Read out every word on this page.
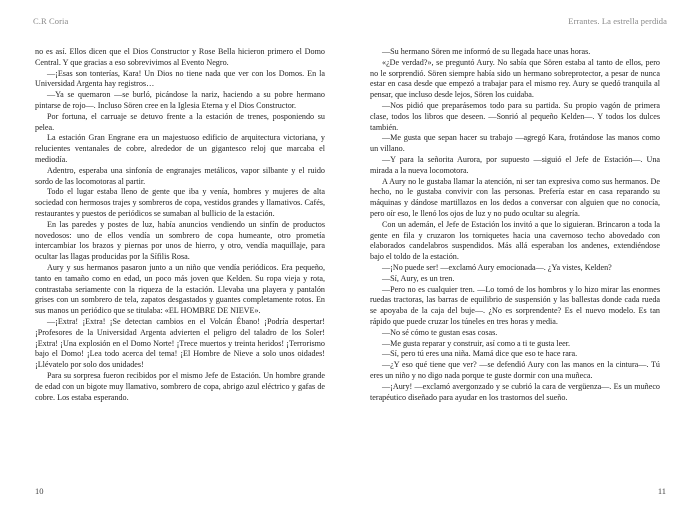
C.R Coria

no es así. Ellos dicen que el Dios Constructor y Rose Bella hicieron primero el Domo Central. Y que gracias a eso sobrevivimos al Evento Negro.

—¡Esas son tonterías, Kara! Un Dios no tiene nada que ver con los Domos. En la Universidad Argenta hay registros…

—Ya se quemaron —se burló, picándose la nariz, haciendo a su pobre hermano pintarse de rojo—. Incluso Sören cree en la Iglesia Eterna y el Dios Constructor.

Por fortuna, el carruaje se detuvo frente a la estación de trenes, posponiendo su pelea.

La estación Gran Engrane era un majestuoso edificio de arquitectura victoriana, y relucientes ventanales de cobre, alrededor de un gigantesco reloj que marcaba el mediodía.

Adentro, esperaba una sinfonía de engranajes metálicos, vapor silbante y el ruido sordo de las locomotoras al partir.

Todo el lugar estaba lleno de gente que iba y venía, hombres y mujeres de alta sociedad con hermosos trajes y sombreros de copa, vestidos grandes y llamativos. Cafés, restaurantes y puestos de periódicos se sumaban al bullicio de la estación.

En las paredes y postes de luz, había anuncios vendiendo un sinfín de productos novedosos: uno de ellos vendía un sombrero de copa humeante, otro prometía intercambiar los brazos y piernas por unos de hierro, y otro, vendía maquillaje, para ocultar las llagas producidas por la Sífilis Rosa.

Aury y sus hermanos pasaron junto a un niño que vendía periódicos. Era pequeño, tanto en tamaño como en edad, un poco más joven que Kelden. Su ropa vieja y rota, contrastaba seriamente con la riqueza de la estación. Llevaba una playera y pantalón grises con un sombrero de tela, zapatos desgastados y guantes completamente rotos. En sus manos un periódico que se titulaba: «EL HOMBRE DE NIEVE».

—¡Extra! ¡Extra! ¡Se detectan cambios en el Volcán Ébano! ¡Podría despertar! ¡Profesores de la Universidad Argenta advierten el peligro del taladro de los Soler! ¡Extra! ¡Una explosión en el Domo Norte! ¡Trece muertos y treinta heridos! ¡Terrorismo bajo el Domo! ¡Lea todo acerca del tema! ¡El Hombre de Nieve a solo unos oidades! ¡Llévatelo por solo dos unidades!

Para su sorpresa fueron recibidos por el mismo Jefe de Estación. Un hombre grande de edad con un bigote muy llamativo, sombrero de copa, abrigo azul eléctrico y gafas de cobre. Los estaba esperando.

10
Errantes. La estrella perdida

—Su hermano Sören me informó de su llegada hace unas horas.

«¿De verdad?», se preguntó Aury. No sabía que Sören estaba al tanto de ellos, pero no le sorprendió. Sören siempre había sido un hermano sobreprotector, a pesar de nunca estar en casa desde que empezó a trabajar para el mismo rey. Aury se quedó tranquila al pensar, que incluso desde lejos, Sören los cuidaba.

—Nos pidió que preparásemos todo para su partida. Su propio vagón de primera clase, todos los libros que deseen. —Sonrió al pequeño Kelden—. Y todos los dulces también.

—Me gusta que sepan hacer su trabajo —agregó Kara, frotándose las manos como un villano.

—Y para la señorita Aurora, por supuesto —siguió el Jefe de Estación—. Una mirada a la nueva locomotora.

A Aury no le gustaba llamar la atención, ni ser tan expresiva como sus hermanos. De hecho, no le gustaba convivir con las personas. Prefería estar en casa reparando su máquinas y dándose martillazos en los dedos a conversar con alguien que no conocía, pero oír eso, le llenó los ojos de luz y no pudo ocultar su alegría.

Con un ademán, el Jefe de Estación los invitó a que lo siguieran. Brincaron a toda la gente en fila y cruzaron los torniquetes hacia una cavernoso techo abovedado con elaborados candelabros suspendidos. Más allá esperaban los andenes, extendiéndose bajo el toldo de la estación.

—¡No puede ser! —exclamó Aury emocionada—. ¿Ya vistes, Kelden?

—Sí, Aury, es un tren.

—Pero no es cualquier tren. —Lo tomó de los hombros y lo hizo mirar las enormes ruedas tractoras, las barras de equilibrio de suspensión y las ballestas donde cada rueda se apoyaba de la caja del buje—. ¿No es sorprendente? Es el nuevo modelo. Es tan rápido que puede cruzar los túneles en tres horas y media.

—No sé cómo te gustan esas cosas.

—Me gusta reparar y construir, así como a ti te gusta leer.

—Sí, pero tú eres una niña. Mamá dice que eso te hace rara.

—¿Y eso qué tiene que ver? —se defendió Aury con las manos en la cintura—. Tú eres un niño y no digo nada porque te guste dormir con una muñeca.

—¡Aury! —exclamó avergonzado y se cubrió la cara de vergüenza—. Es un muñeco terapéutico diseñado para ayudar en los trastornos del sueño.

11
